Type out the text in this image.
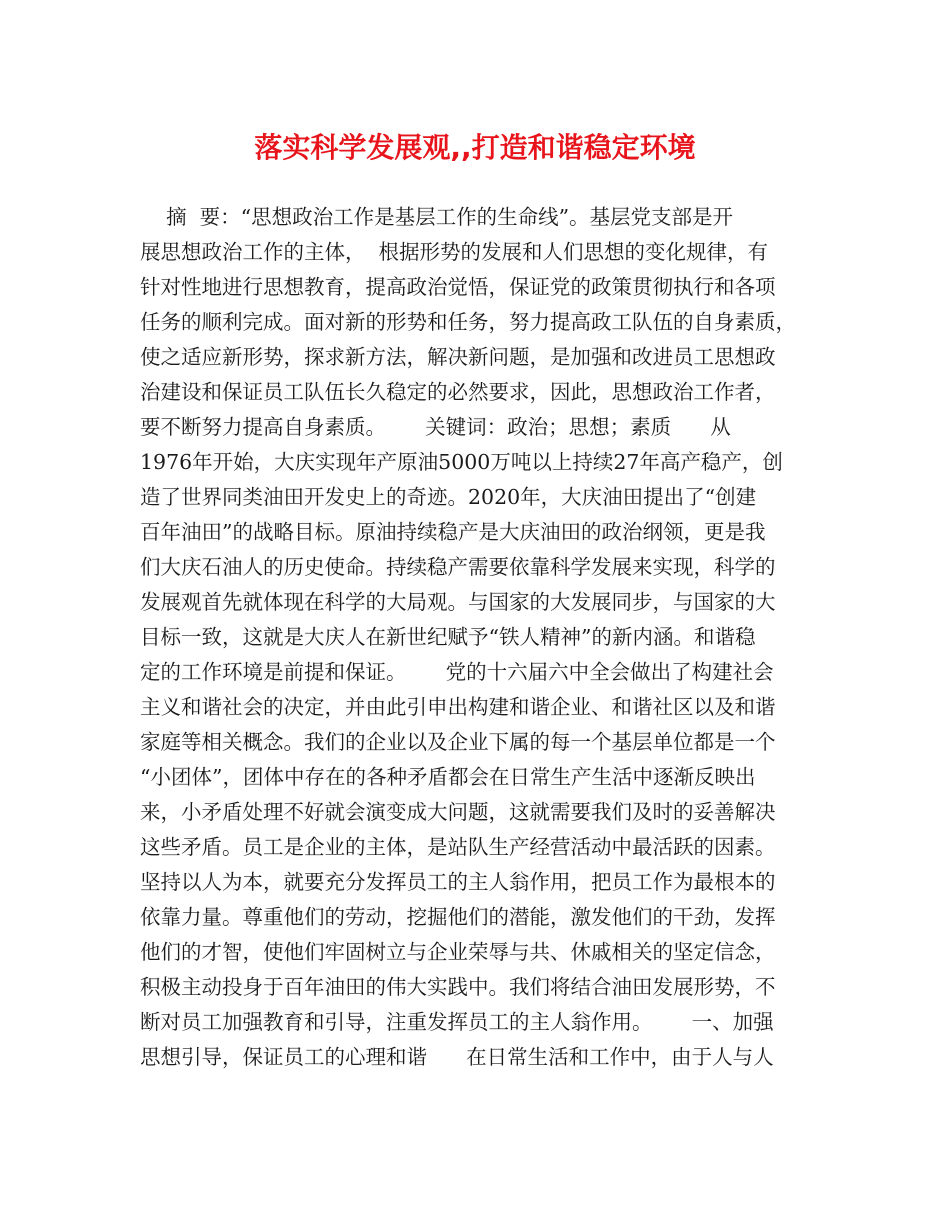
落实科学发展观,,打造和谐稳定环境
摘  要：“思想政治工作是基层工作的生命线”。基层党支部是开
展思想政治工作的主体，  根据形势的发展和人们思想的变化规律，有
针对性地进行思想教育，提高政治觉悟，保证党的政策贯彻执行和各项
任务的顺利完成。面对新的形势和任务，努力提高政工队伍的自身素质，
使之适应新形势，探求新方法，解决新问题，是加强和改进员工思想政
治建设和保证员工队伍长久稳定的必然要求，因此，思想政治工作者，
要不断努力提高自身素质。      关键词：政治；思想；素质      从
1976年开始，大庆实现年产原油5000万吨以上持续27年高产稳产，创
造了世界同类油田开发史上的奇迹。2020年，大庆油田提出了“创建
百年油田”的战略目标。原油持续稳产是大庆油田的政治纲领，更是我
们大庆石油人的历史使命。持续稳产需要依靠科学发展来实现，科学的
发展观首先就体现在科学的大局观。与国家的大发展同步，与国家的大
目标一致，这就是大庆人在新世纪赋予“铁人精神”的新内涵。和谐稳
定的工作环境是前提和保证。      党的十六届六中全会做出了构建社会
主义和谐社会的决定，并由此引申出构建和谐企业、和谐社区以及和谐
家庭等相关概念。我们的企业以及企业下属的每一个基层单位都是一个
“小团体”，团体中存在的各种矛盾都会在日常生产生活中逐渐反映出
来，小矛盾处理不好就会演变成大问题，这就需要我们及时的妥善解决
这些矛盾。员工是企业的主体，是站队生产经营活动中最活跃的因素。
坚持以人为本，就要充分发挥员工的主人翁作用，把员工作为最根本的
依靠力量。尊重他们的劳动，挖掘他们的潜能，激发他们的干劲，发挥
他们的才智，使他们牢固树立与企业荣辱与共、休戚相关的坚定信念，
积极主动投身于百年油田的伟大实践中。我们将结合油田发展形势，不
断对员工加强教育和引导，注重发挥员工的主人翁作用。      一、加强
思想引导，保证员工的心理和谐      在日常生活和工作中，由于人与人
